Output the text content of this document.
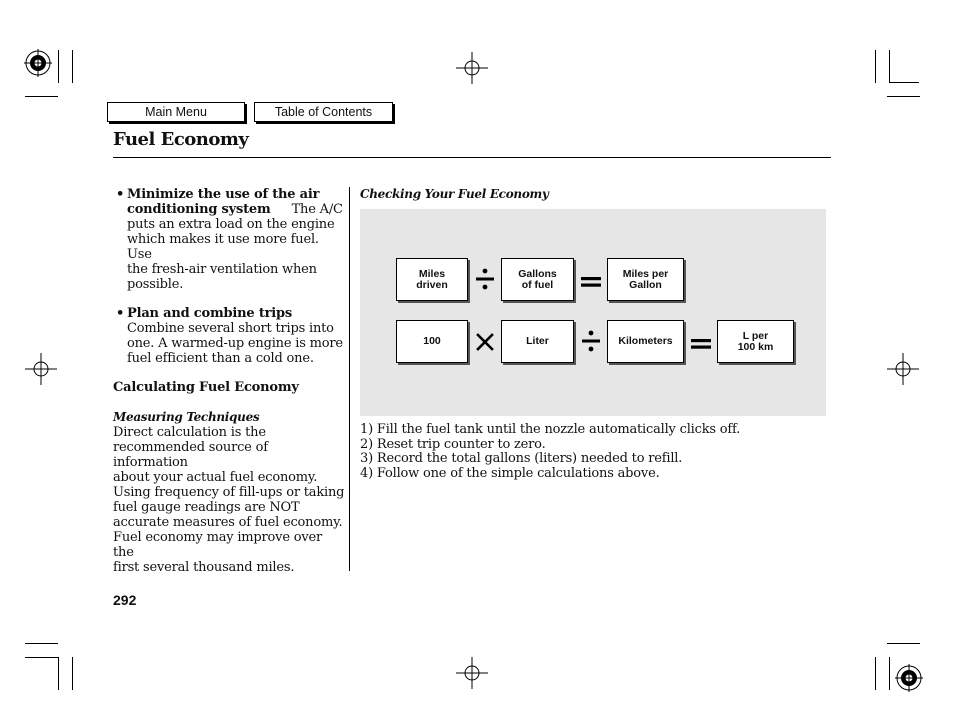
Main Menu	Table of Contents
Fuel Economy
• Minimize the use of the air
conditioning system The A/C
puts an extra load on the engine
which makes it use more fuel. Use
the fresh-air ventilation when
possible.
• Plan and combine trips
Combine several short trips into
one. A warmed-up engine is more
fuel efficient than a cold one.
Calculating Fuel Economy
Measuring Techniques
Direct calculation is the
recommended source of information
about your actual fuel economy.
Using frequency of fill-ups or taking
fuel gauge readings are NOT
accurate measures of fuel economy.
Fuel economy may improve over the
first several thousand miles.
Checking Your Fuel Economy
Miles
driven
Gallons
of fuel
Miles per
Gallon
100	Liter	Kilometers	L per
100 km
1) Fill the fuel tank until the nozzle automatically clicks off.
2) Reset trip counter to zero.
3) Record the total gallons (liters) needed to refill.
4) Follow one of the simple calculations above.
292
